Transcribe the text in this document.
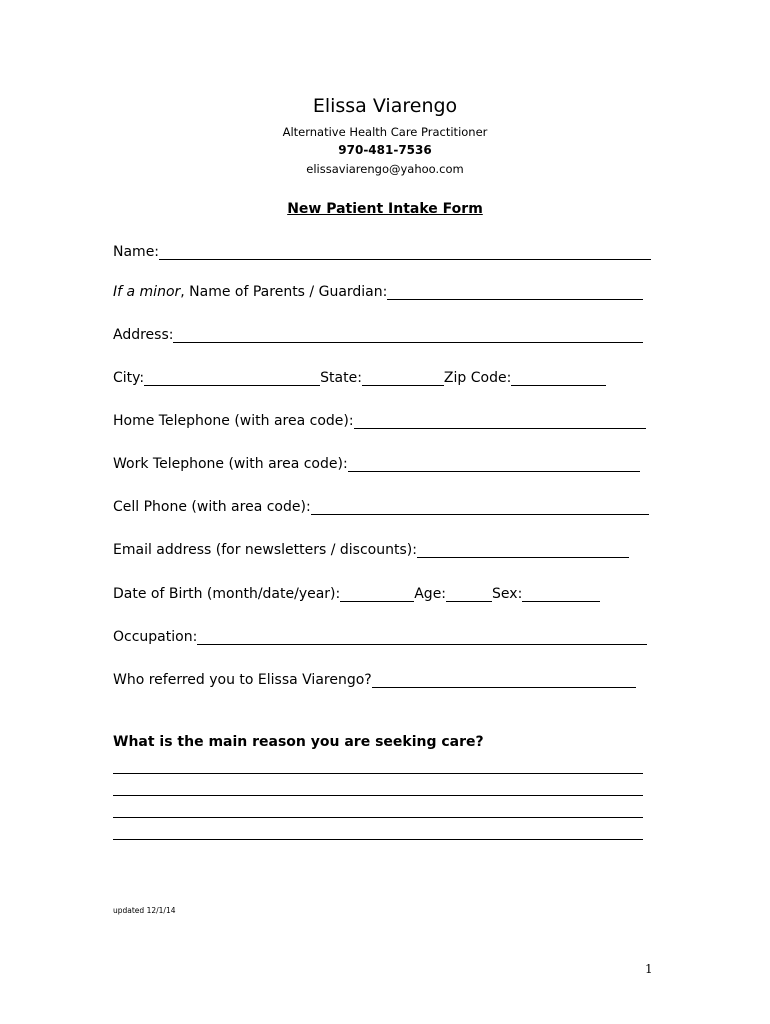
Elissa Viarengo
Alternative Health Care Practitioner
970-481-7536
elissaviarengo@yahoo.com
New Patient Intake Form
Name:
If a minor, Name of Parents / Guardian:
Address:
City:	State:	Zip Code:
Home Telephone (with area code):
Work Telephone (with area code):
Cell Phone (with area code):
Email address (for newsletters / discounts):
Date of Birth (month/date/year):	Age:	Sex:
Occupation:
Who referred you to Elissa Viarengo?
What is the main reason you are seeking care?
updated 12/1/14
1
